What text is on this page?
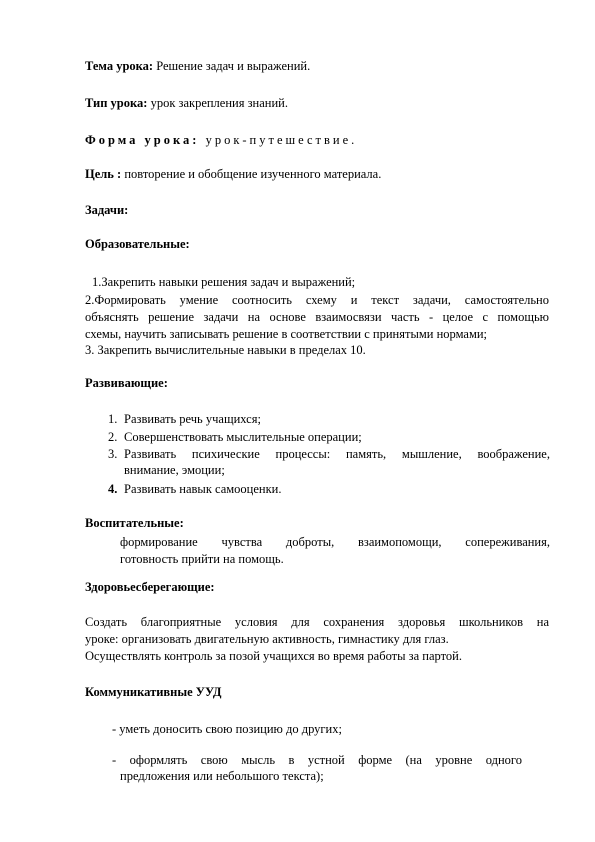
Тема урока: Решение задач и выражений.
Тип урока: урок закрепления знаний.
Форма урока: урок-путешествие.
Цель : повторение и обобщение изученного материала.
Задачи:
Образовательные:
1.Закрепить навыки решения задач и выражений;
2.Формировать умение соотносить схему и текст задачи, самостоятельно
объяснять решение задачи на основе взаимосвязи часть - целое с помощью
схемы, научить записывать решение в соответствии с принятыми нормами;
3. Закрепить вычислительные навыки в пределах 10.
Развивающие:
1. Развивать речь учащихся;
2. Совершенствовать мыслительные операции;
3. Развивать психические процессы: память, мышление, воображение,
внимание, эмоции;
4. Развивать навык самооценки.
Воспитательные:
формирование чувства доброты, взаимопомощи, сопереживания,
готовность прийти на помощь.
Здоровьесберегающие:
Создать благоприятные условия для сохранения здоровья школьников на
уроке: организовать двигательную активность, гимнастику для глаз.
Осуществлять контроль за позой учащихся во время работы за партой.
Коммуникативные УУД
- уметь доносить свою позицию до других;
- оформлять свою мысль в устной форме (на уровне одного
предложения или небольшого текста);
